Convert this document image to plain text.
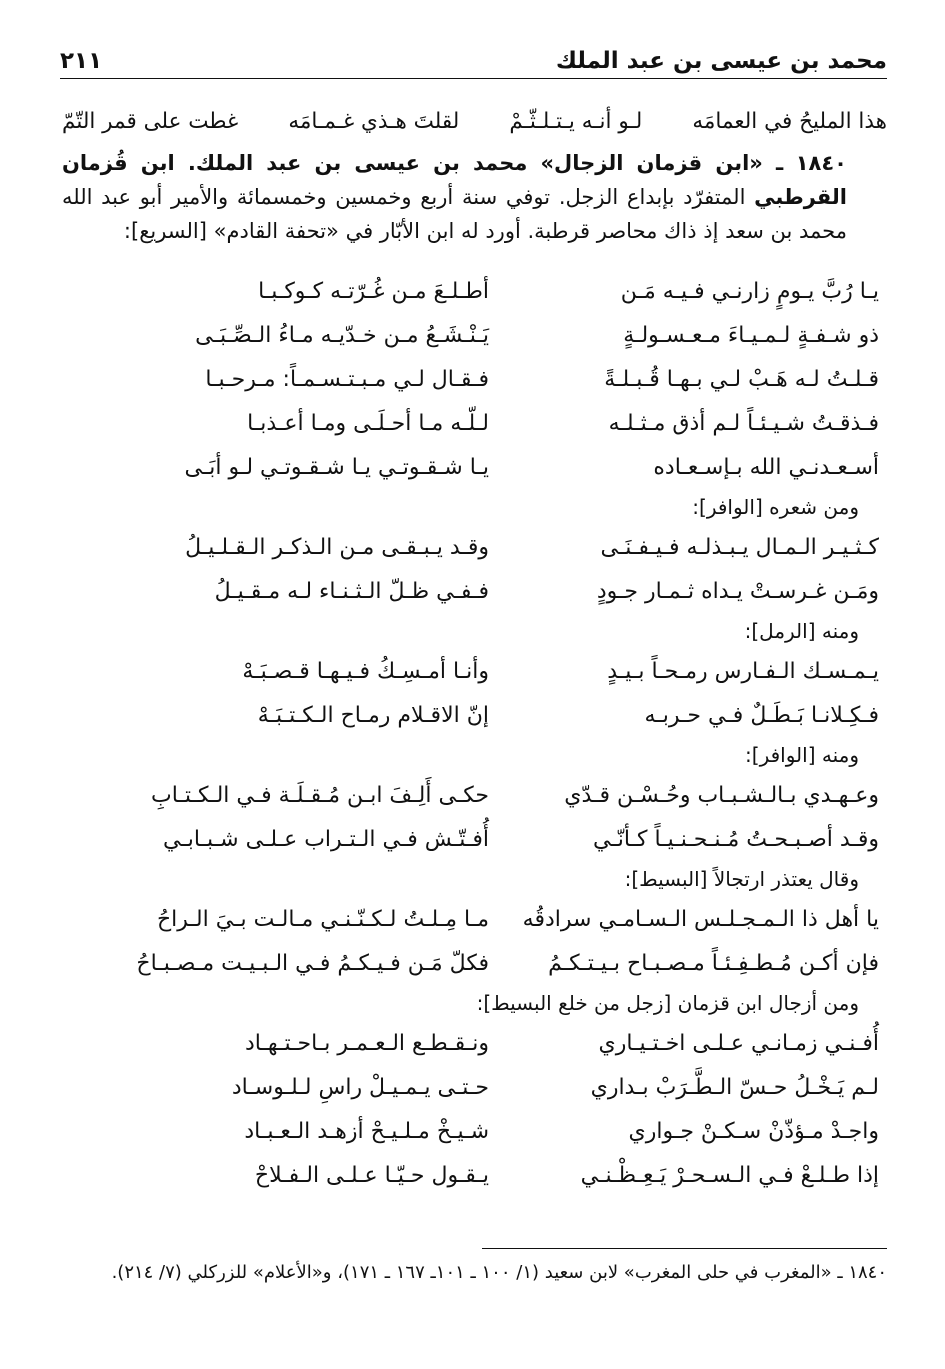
محمد بن عيسى بن عبد الملك
٢١١
هذا المليحُ في العمامَه
لـو أنـه يـتـلـثّـمْ
لقلتَ هـذي غـمـامَه
غطت على قمر التّمّ

١٨٤٠ ـ «ابن قزمان الزجال» محمد بن عيسى بن عبد الملك. ابن قُزمان القرطبي المتفرّد بإبداع الزجل. توفي سنة أربع وخمسين وخمسمائة والأمير أبو عبد الله محمد بن سعد إذ ذاك محاصر قرطبة. أورد له ابن الأبّار في «تحفة القادم» [السريع]:

يـا رُبَّ يـومٍ زارنـي فـيـه مَـن
أطـلـعَ مـن غُـرّتـه كـوكـبـا
ذو شـفـةٍ لـمـيـاءَ مـعـسـولـةٍ
يَـنْـشَـعُ مـن خـدّيـه مـاءُ الـصِّـبَـى
قـلـتُ لـه هَـبْ لـي بـهـا قُـبـلـةً
فـقـال لـي مـبـتـسـمـاً: مـرحـبـا
فـذقـتُ شـيـئـاً لـم أذق مـثـلـه
لـلّـه مـا أحـلَـى ومـا أعـذبـا
أسـعـدنـي الله بـإسـعـاده
يـا شـقـوتـي يـا شـقـوتـي لـو أبَـى
ومن شعره [الوافر]:
كـثـيـر الـمـال يـبـذلـه فـيـفـنَـى
وقـد يـبـقـى مـن الـذكـر الـقـلـيـلُ
ومَـن غـرسـتْ يـداه ثـمـار جـودٍ
فـفـي ظـلّ الـثـنـاء لـه مـقـيـلُ
ومنه [الرمل]:
يـمـسـك الـفـارس رمـحـاً بـيـدٍ
وأنـا أمـسِـكُ فـيـهـا قـصـبَـهْ
فـكِـلانـا بَـطَـلٌ فـي حـربـه
إنّ الاقـلام رمـاح الـكـتـبَـهْ
ومنه [الوافر]:
وعـهـدي بـالـشـبـاب وحُـسْـن قـدّي
حكـى أَلِـفَ ابـن مُـقـلَـة فـي الـكـتـابِ
وقـد أصـبـحـتُ مُـنـحـنـيـاً كـأنّـي
أُفـتّـش فـي الـتـراب عـلـى شـبـابـي
وقال يعتذر ارتجالاً [البسيط]:
يا أهل ذا الـمـجـلـس الـسـامـي سرادقُه
مـا مِـلـتُ لـكـنّـنـي مـالـت بـيَ الـراحُ
فإن أكـن مُـطـفِـئـاً مـصـبـاح بـيـتـكـمُ
فكلّ مَـن فـيـكـمُ فـي الـبـيـت مـصـبـاحُ
ومن أزجال ابن قزمان [زجل من خلع البسيط]:
أُفـنـي زمـانـي عـلـى اخـتـيـاري
ونـقـطـع الـعـمـر بـاحـتـهـاد
لـم يَـخْـلُ حـسّ الـطَّـرَبْ بـداري
حـتـى يـمـيـلْ راسِ لـلـوسـاد
واجـدْ مـؤذّنْ سـكـنْ جـواري
شـيـخْ مـلـيـحْ أزهـد الـعـبـاد
إذا طـلـعْ فـي الـسـحـرْ يَـعِـظْـنـي
يـقـول حـيّـا عـلـى الـفـلاحْ
١٨٤٠ ـ «المغرب في حلى المغرب» لابن سعيد (١/ ١٠٠ ـ ١٠١ـ ١٦٧ ـ ١٧١)، و«الأعلام» للزركلي (٧/ ٢١٤).
